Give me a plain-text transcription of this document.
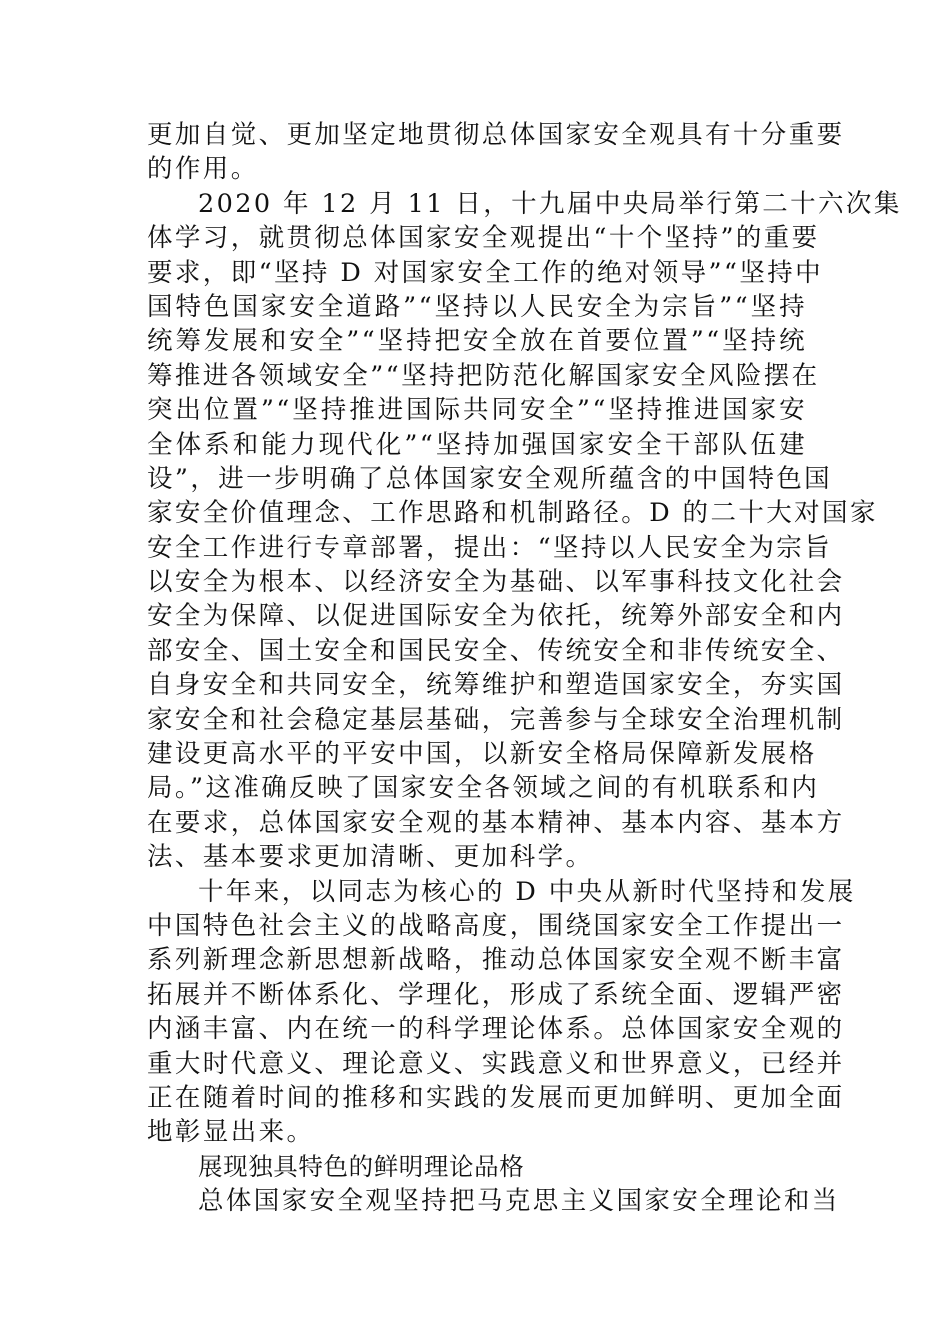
更加自觉、更加坚定地贯彻总体国家安全观具有十分重要
的作用。
2020 年 12 月 11 日，十九届中央局举行第二十六次集
体学习，就贯彻总体国家安全观提出“十个坚持”的重要
要求，即“坚持 D 对国家安全工作的绝对领导”“坚持中
国特色国家安全道路”“坚持以人民安全为宗旨”“坚持
统筹发展和安全”“坚持把安全放在首要位置”“坚持统
筹推进各领域安全”“坚持把防范化解国家安全风险摆在
突出位置”“坚持推进国际共同安全”“坚持推进国家安
全体系和能力现代化”“坚持加强国家安全干部队伍建
设”，进一步明确了总体国家安全观所蕴含的中国特色国
家安全价值理念、工作思路和机制路径。D 的二十大对国家
安全工作进行专章部署，提出：“坚持以人民安全为宗旨
以安全为根本、以经济安全为基础、以军事科技文化社会
安全为保障、以促进国际安全为依托，统筹外部安全和内
部安全、国土安全和国民安全、传统安全和非传统安全、
自身安全和共同安全，统筹维护和塑造国家安全，夯实国
家安全和社会稳定基层基础，完善参与全球安全治理机制
建设更高水平的平安中国，以新安全格局保障新发展格
局。”这准确反映了国家安全各领域之间的有机联系和内
在要求，总体国家安全观的基本精神、基本内容、基本方
法、基本要求更加清晰、更加科学。
十年来，以同志为核心的 D 中央从新时代坚持和发展
中国特色社会主义的战略高度，围绕国家安全工作提出一
系列新理念新思想新战略，推动总体国家安全观不断丰富
拓展并不断体系化、学理化，形成了系统全面、逻辑严密
内涵丰富、内在统一的科学理论体系。总体国家安全观的
重大时代意义、理论意义、实践意义和世界意义，已经并
正在随着时间的推移和实践的发展而更加鲜明、更加全面
地彰显出来。
展现独具特色的鲜明理论品格
总体国家安全观坚持把马克思主义国家安全理论和当
